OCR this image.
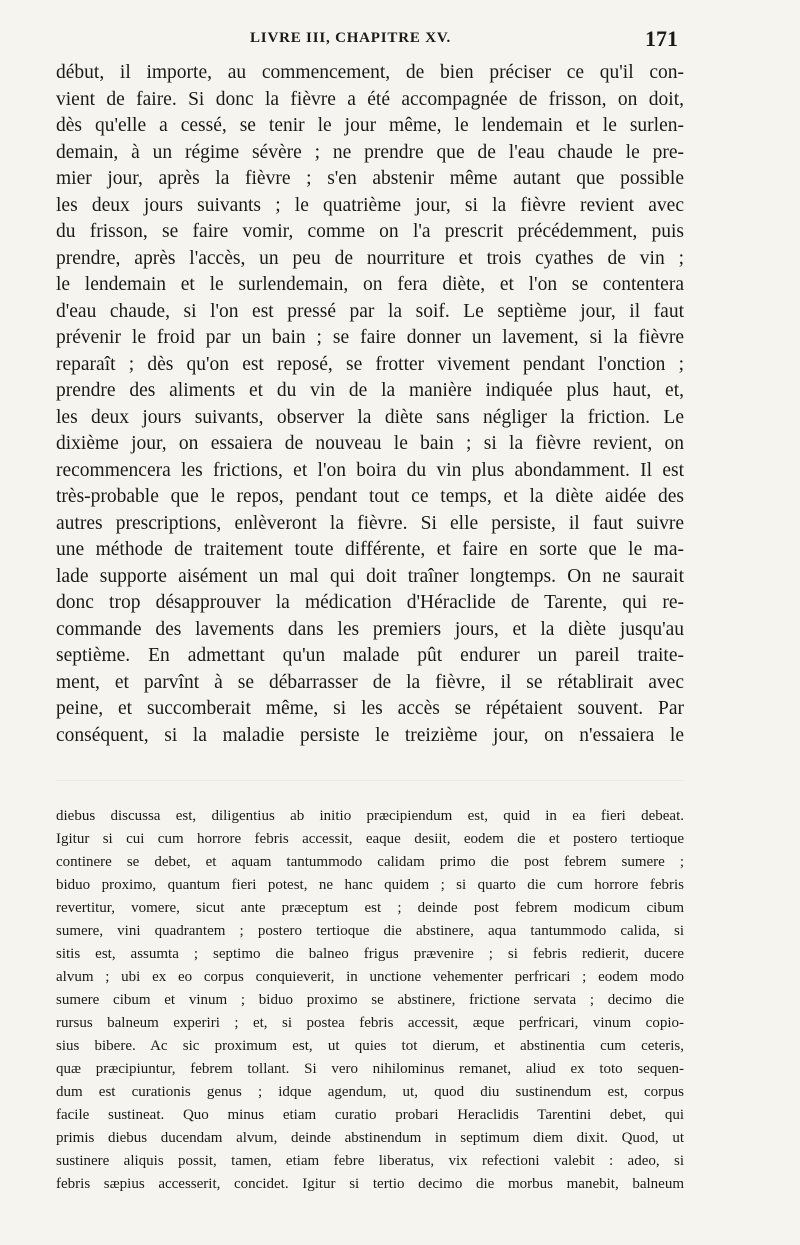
LIVRE III, CHAPITRE XV.	171
début, il importe, au commencement, de bien préciser ce qu'il con-
vient de faire. Si donc la fièvre a été accompagnée de frisson, on doit,
dès qu'elle a cessé, se tenir le jour même, le lendemain et le surlen-
demain, à un régime sévère ; ne prendre que de l'eau chaude le pre-
mier jour, après la fièvre ; s'en abstenir même autant que possible
les deux jours suivants ; le quatrième jour, si la fièvre revient avec
du frisson, se faire vomir, comme on l'a prescrit précédemment, puis
prendre, après l'accès, un peu de nourriture et trois cyathes de vin ;
le lendemain et le surlendemain, on fera diète, et l'on se contentera
d'eau chaude, si l'on est pressé par la soif. Le septième jour, il faut
prévenir le froid par un bain ; se faire donner un lavement, si la fièvre
reparaît ; dès qu'on est reposé, se frotter vivement pendant l'onction ;
prendre des aliments et du vin de la manière indiquée plus haut, et,
les deux jours suivants, observer la diète sans négliger la friction. Le
dixième jour, on essaiera de nouveau le bain ; si la fièvre revient, on
recommencera les frictions, et l'on boira du vin plus abondamment. Il est
très-probable que le repos, pendant tout ce temps, et la diète aidée des
autres prescriptions, enlèveront la fièvre. Si elle persiste, il faut suivre
une méthode de traitement toute différente, et faire en sorte que le ma-
lade supporte aisément un mal qui doit traîner longtemps. On ne saurait
donc trop désapprouver la médication d'Héraclide de Tarente, qui re-
commande des lavements dans les premiers jours, et la diète jusqu'au
septième. En admettant qu'un malade pût endurer un pareil traite-
ment, et parvînt à se débarrasser de la fièvre, il se rétablirait avec
peine, et succomberait même, si les accès se répétaient souvent. Par
conséquent, si la maladie persiste le treizième jour, on n'essaiera le
diebus discussa est, diligentius ab initio præcipiendum est, quid in ea fieri debeat.
Igitur si cui cum horrore febris accessit, eaque desiit, eodem die et postero tertioque
continere se debet, et aquam tantummodo calidam primo die post febrem sumere ;
biduo proximo, quantum fieri potest, ne hanc quidem ; si quarto die cum horrore febris
revertitur, vomere, sicut ante præceptum est ; deinde post febrem modicum cibum
sumere, vini quadrantem ; postero tertioque die abstinere, aqua tantummodo calida, si
sitis est, assumta ; septimo die balneo frigus prævenire ; si febris redierit, ducere
alvum ; ubi ex eo corpus conquieverit, in unctione vehementer perfricari ; eodem modo
sumere cibum et vinum ; biduo proximo se abstinere, frictione servata ; decimo die
rursus balneum experiri ; et, si postea febris accessit, æque perfricari, vinum copio-
sius bibere. Ac sic proximum est, ut quies tot dierum, et abstinentia cum ceteris,
quæ præcipiuntur, febrem tollant. Si vero nihilominus remanet, aliud ex toto sequen-
dum est curationis genus ; idque agendum, ut, quod diu sustinendum est, corpus
facile sustineat. Quo minus etiam curatio probari Heraclidis Tarentini debet, qui
primis diebus ducendam alvum, deinde abstinendum in septimum diem dixit. Quod, ut
sustinere aliquis possit, tamen, etiam febre liberatus, vix refectioni valebit : adeo, si
febris sæpius accesserit, concidet. Igitur si tertio decimo die morbus manebit, balneum
